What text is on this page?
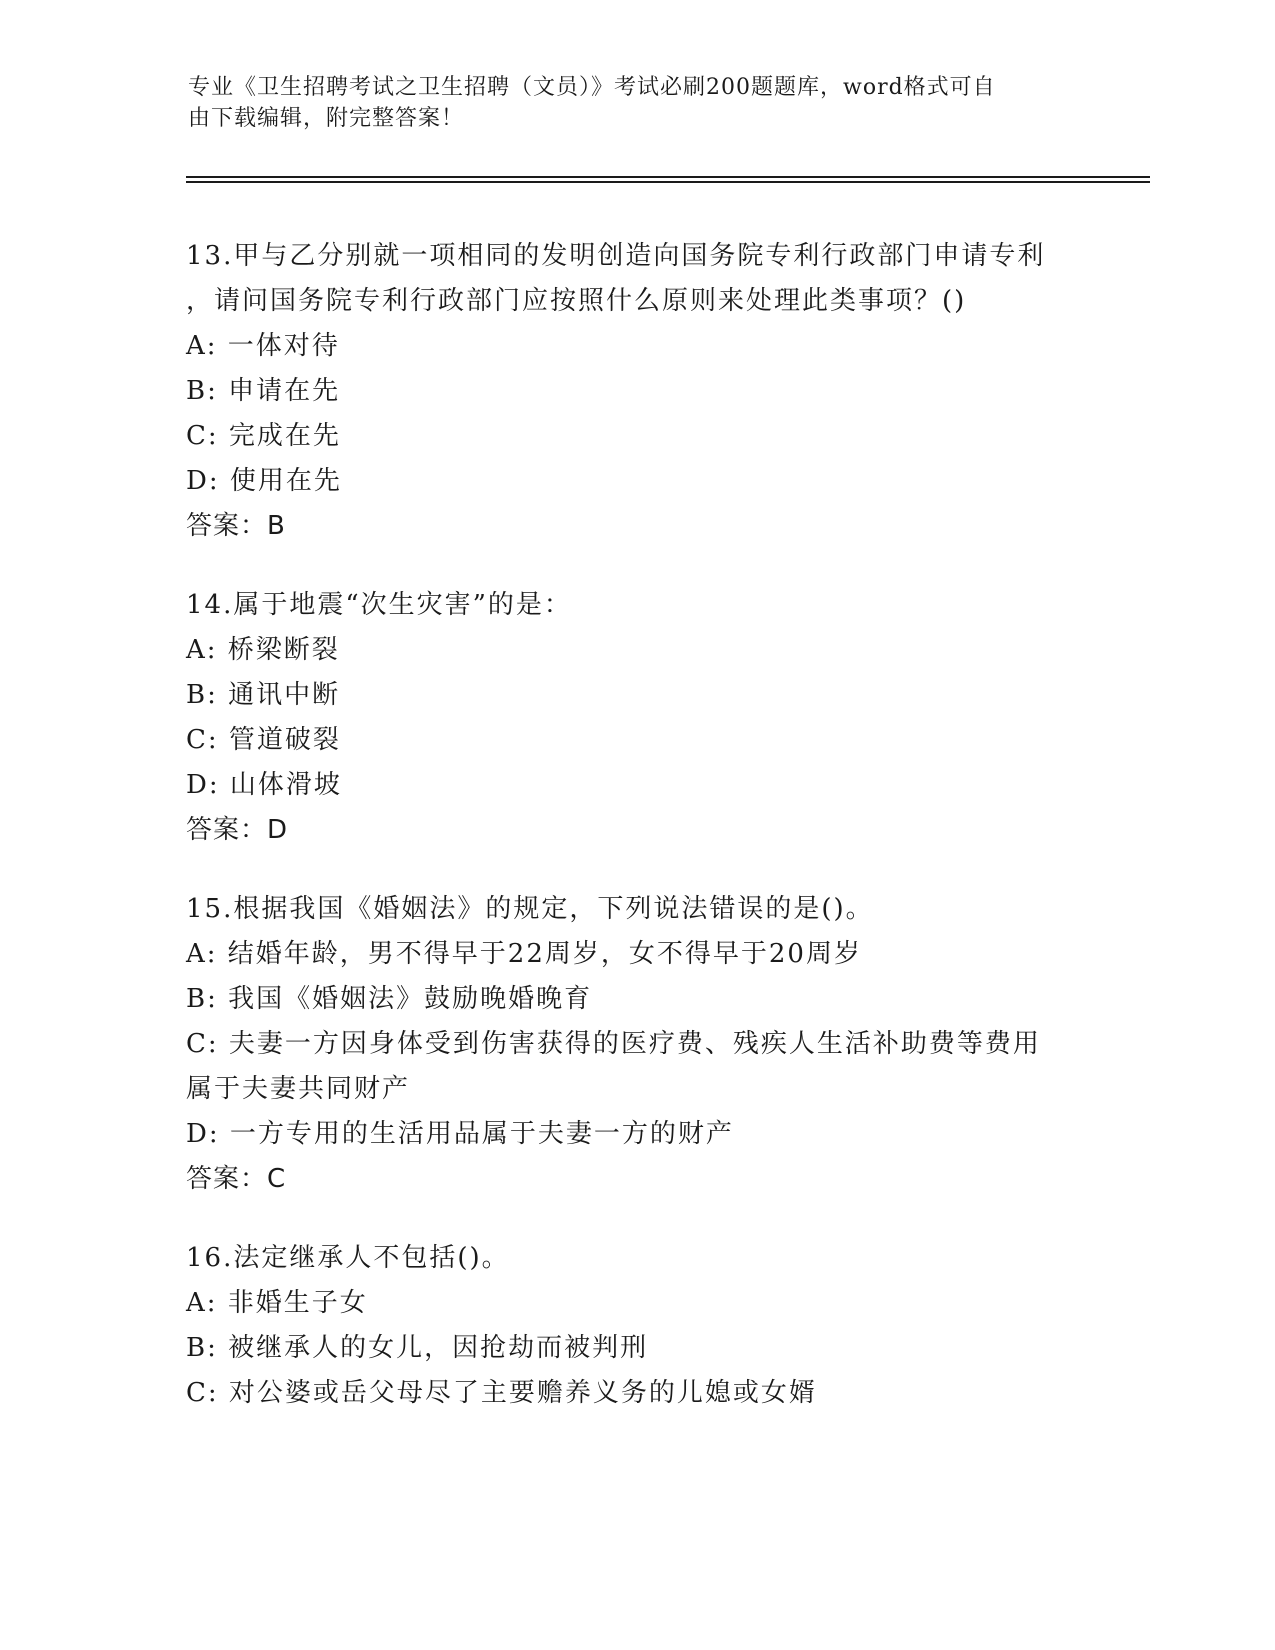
专业《卫生招聘考试之卫生招聘（文员）》考试必刷200题题库，word格式可自
由下载编辑，附完整答案！
13.甲与乙分别就一项相同的发明创造向国务院专利行政部门申请专利
，请问国务院专利行政部门应按照什么原则来处理此类事项？()
A: 一体对待
B: 申请在先
C: 完成在先
D: 使用在先
答案：B
14.属于地震“次生灾害”的是：
A: 桥梁断裂
B: 通讯中断
C: 管道破裂
D: 山体滑坡
答案：D
15.根据我国《婚姻法》的规定，下列说法错误的是()。
A: 结婚年龄，男不得早于22周岁，女不得早于20周岁
B: 我国《婚姻法》鼓励晚婚晚育
C: 夫妻一方因身体受到伤害获得的医疗费、残疾人生活补助费等费用
属于夫妻共同财产
D: 一方专用的生活用品属于夫妻一方的财产
答案：C
16.法定继承人不包括()。
A: 非婚生子女
B: 被继承人的女儿，因抢劫而被判刑
C: 对公婆或岳父母尽了主要赡养义务的儿媳或女婿
